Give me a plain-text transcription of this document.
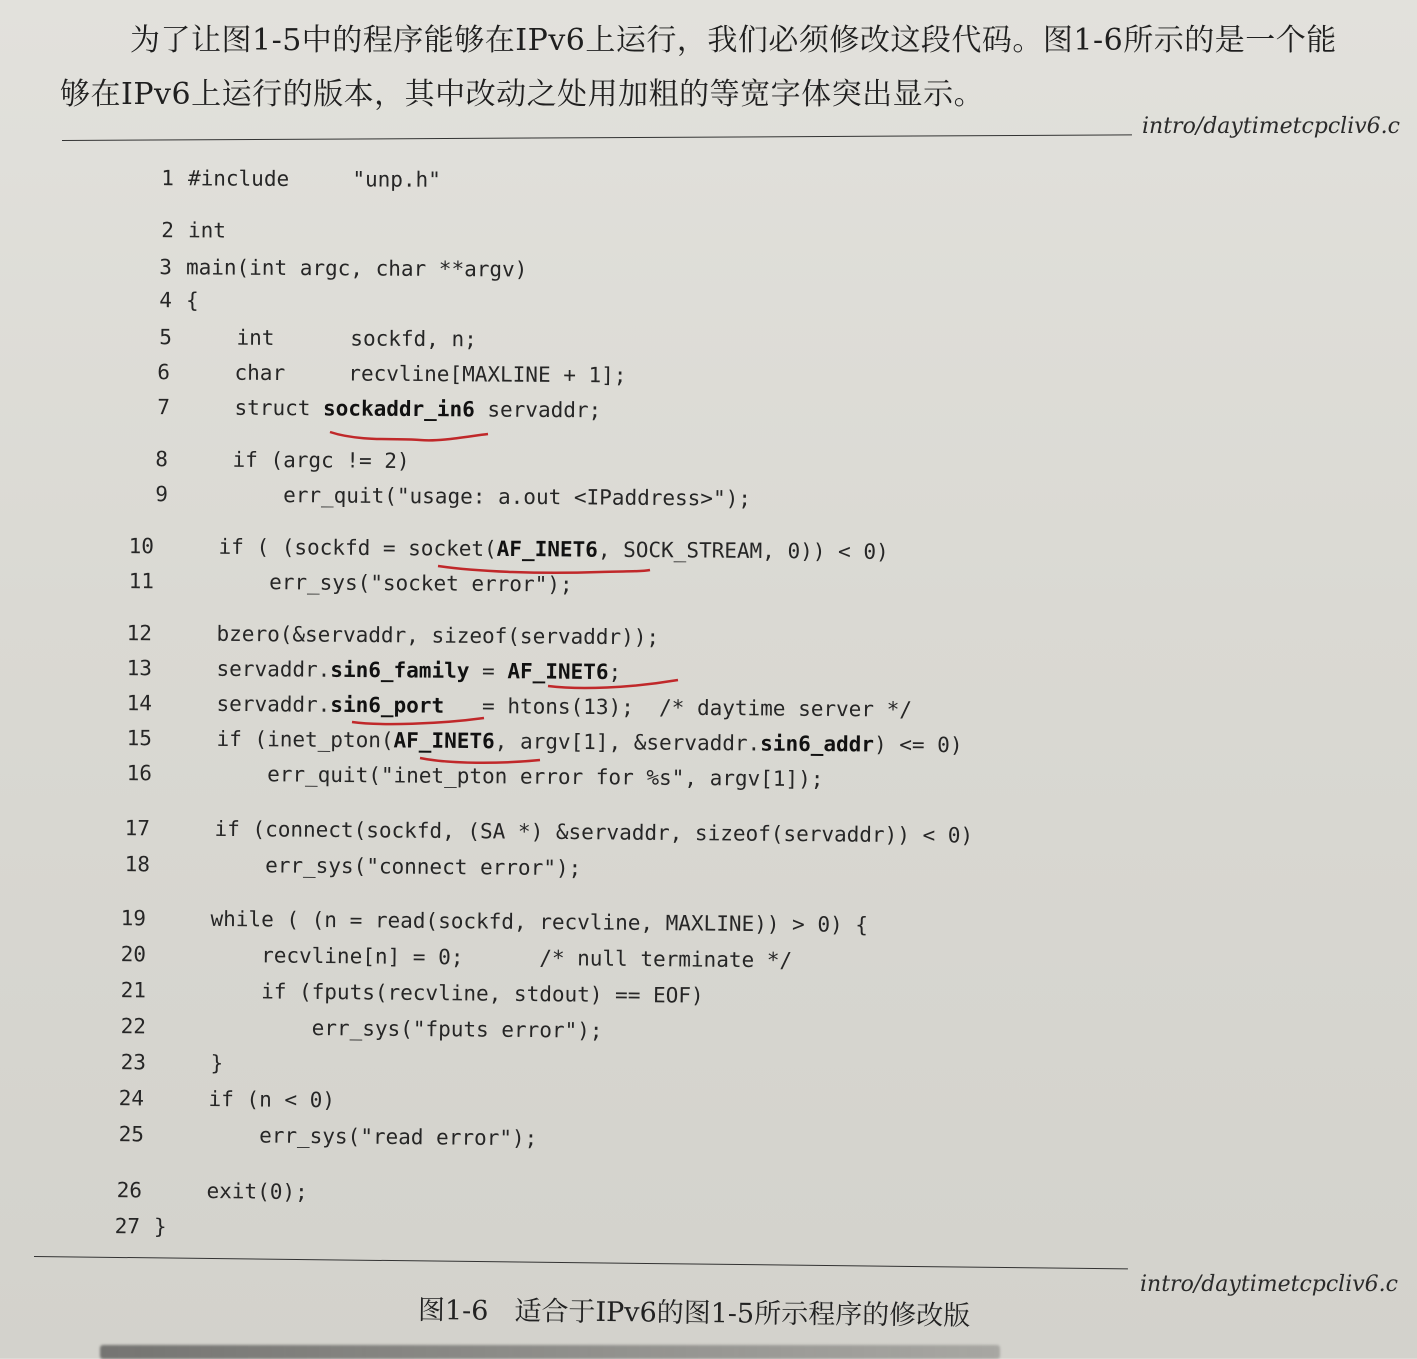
为了让图1-5中的程序能够在IPv6上运行，我们必须修改这段代码。图1-6所示的是一个能

够在IPv6上运行的版本，其中改动之处用加粗的等宽字体突出显示。

intro/daytimetcpcliv6.c
1 #include     "unp.h"
2 int
3 main(int argc, char **argv)
4 {
5    int      sockfd, n;
6    char     recvline[MAXLINE + 1];
7    struct sockaddr_in6 servaddr;
8    if (argc != 2)
9        err_quit("usage: a.out <IPaddress>");
10    if ( (sockfd = socket(AF_INET6, SOCK_STREAM, 0)) < 0)
11        err_sys("socket error");
12    bzero(&servaddr, sizeof(servaddr));
13    servaddr.sin6_family = AF_INET6;
14    servaddr.sin6_port   = htons(13);  /* daytime server */
15    if (inet_pton(AF_INET6, argv[1], &servaddr.sin6_addr) <= 0)
16        err_quit("inet_pton error for %s", argv[1]);
17    if (connect(sockfd, (SA *) &servaddr, sizeof(servaddr)) < 0)
18        err_sys("connect error");
19    while ( (n = read(sockfd, recvline, MAXLINE)) > 0) {
20        recvline[n] = 0;      /* null terminate */
21        if (fputs(recvline, stdout) == EOF)
22            err_sys("fputs error");
23    }
24    if (n < 0)
25        err_sys("read error");
26    exit(0);
27 }
intro/daytimetcpcliv6.c
图1-6 适合于IPv6的图1-5所示程序的修改版
